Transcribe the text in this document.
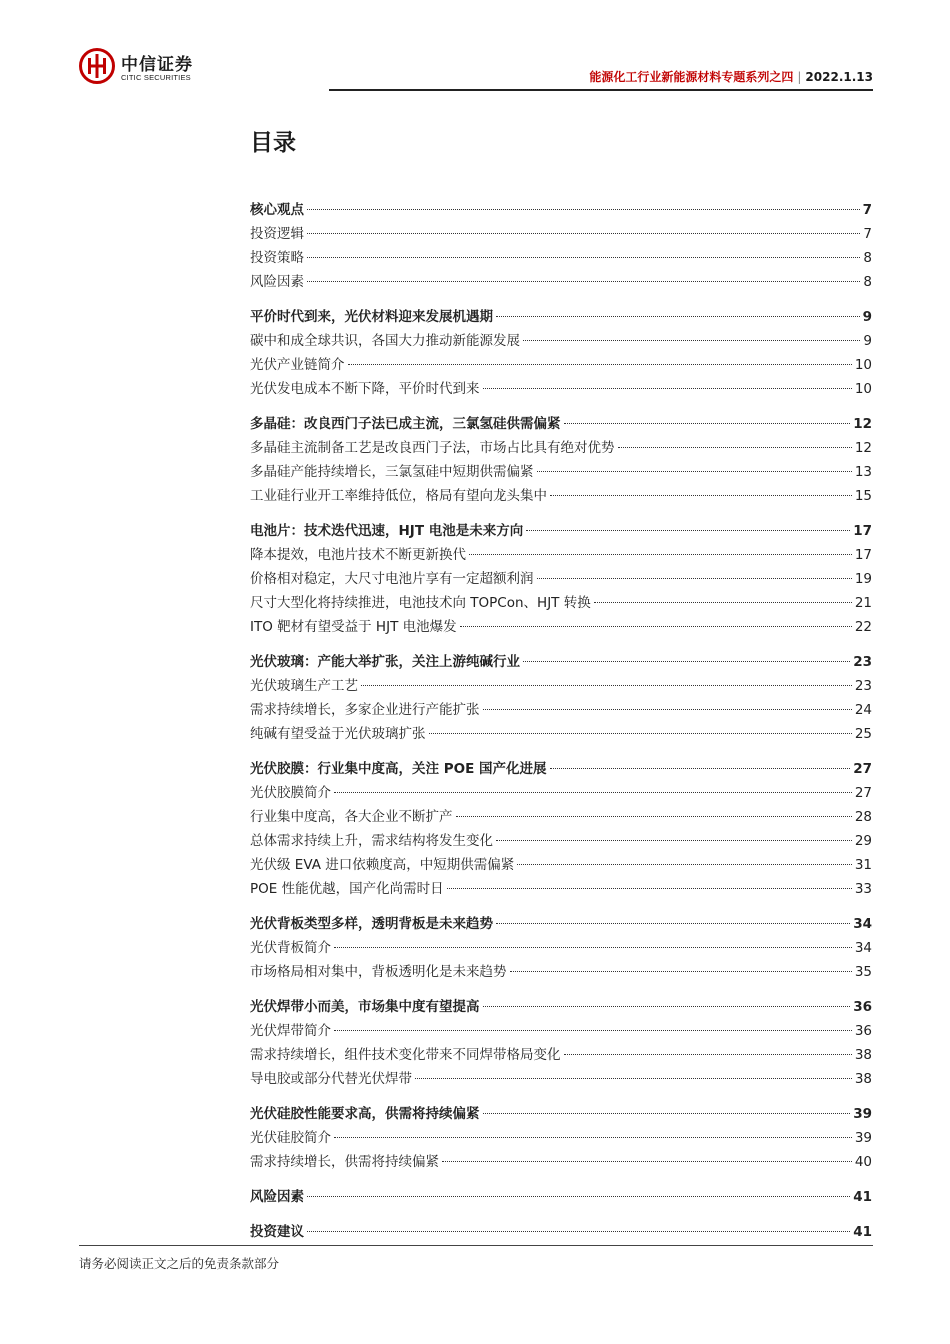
中信证券
CITIC SECURITIES	能源化工行业新能源材料专题系列之四 | 2022.1.13
目录
核心观点	7
投资逻辑	7
投资策略	8
风险因素	8
平价时代到来，光伏材料迎来发展机遇期	9
碳中和成全球共识，各国大力推动新能源发展	9
光伏产业链简介	10
光伏发电成本不断下降，平价时代到来	10
多晶硅：改良西门子法已成主流，三氯氢硅供需偏紧	12
多晶硅主流制备工艺是改良西门子法，市场占比具有绝对优势	12
多晶硅产能持续增长，三氯氢硅中短期供需偏紧	13
工业硅行业开工率维持低位，格局有望向龙头集中	15
电池片：技术迭代迅速，HJT 电池是未来方向	17
降本提效，电池片技术不断更新换代	17
价格相对稳定，大尺寸电池片享有一定超额利润	19
尺寸大型化将持续推进，电池技术向 TOPCon、HJT 转换	21
ITO 靶材有望受益于 HJT 电池爆发	22
光伏玻璃：产能大举扩张，关注上游纯碱行业	23
光伏玻璃生产工艺	23
需求持续增长，多家企业进行产能扩张	24
纯碱有望受益于光伏玻璃扩张	25
光伏胶膜：行业集中度高，关注 POE 国产化进展	27
光伏胶膜简介	27
行业集中度高，各大企业不断扩产	28
总体需求持续上升，需求结构将发生变化	29
光伏级 EVA 进口依赖度高，中短期供需偏紧	31
POE 性能优越，国产化尚需时日	33
光伏背板类型多样，透明背板是未来趋势	34
光伏背板简介	34
市场格局相对集中，背板透明化是未来趋势	35
光伏焊带小而美，市场集中度有望提高	36
光伏焊带简介	36
需求持续增长，组件技术变化带来不同焊带格局变化	38
导电胶或部分代替光伏焊带	38
光伏硅胶性能要求高，供需将持续偏紧	39
光伏硅胶简介	39
需求持续增长，供需将持续偏紧	40
风险因素	41
投资建议	41
请务必阅读正文之后的免责条款部分
